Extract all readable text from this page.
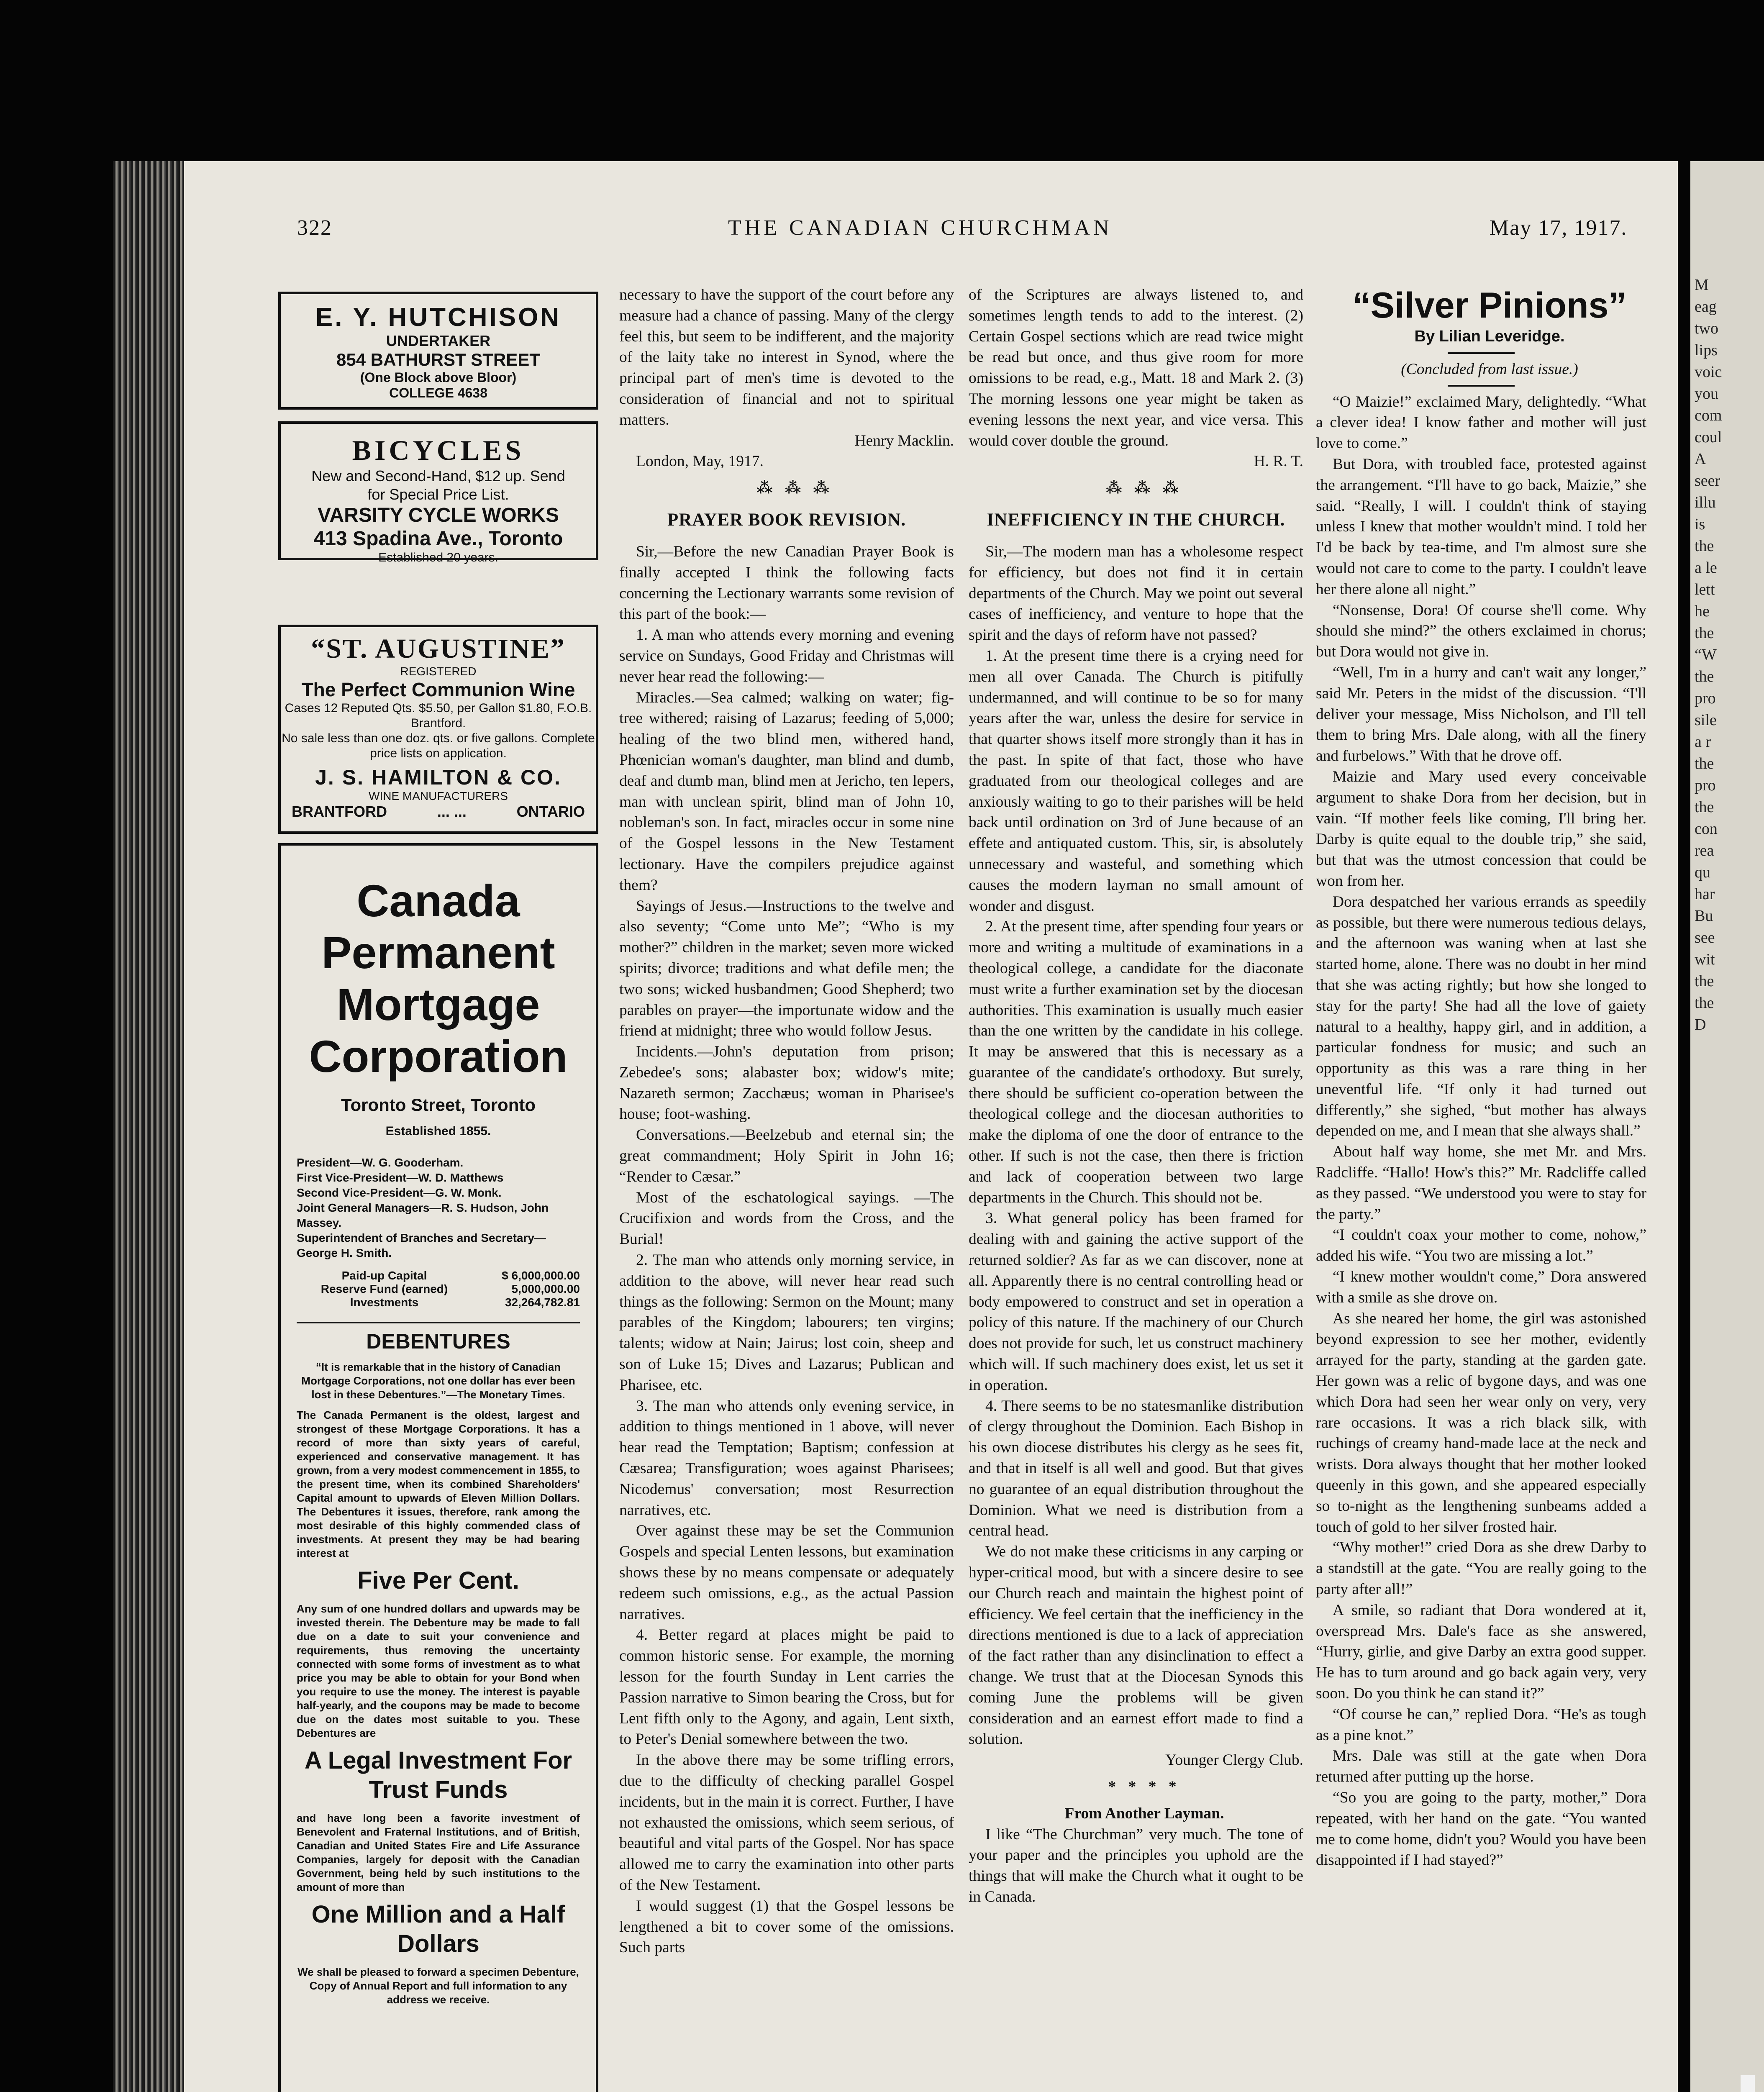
322	THE CANADIAN CHURCHMAN	May 17, 1917.

E. Y. HUTCHISON

UNDERTAKER

854 BATHURST STREET

(One Block above Bloor)

COLLEGE 4638

BICYCLES

New and Second-Hand, $12 up. Send

for Special Price List.

VARSITY CYCLE WORKS

413 Spadina Ave., Toronto

Established 20 years.

“ST. AUGUSTINE”

REGISTERED

The Perfect Communion Wine

Cases 12 Reputed Qts. $5.50, per Gallon $1.80, F.O.B. Brantford.

No sale less than one doz. qts. or five gallons. Complete price lists on application.

J. S. HAMILTON & CO.

WINE MANUFACTURERS

BRANTFORD	... ...	ONTARIO

Canada Permanent Mortgage Corporation

Toronto Street, Toronto

Established 1855.

President—W. G. Gooderham.

First Vice-President—W. D. Matthews

Second Vice-President—G. W. Monk.

Joint General Managers—R. S. Hudson, John Massey.

Superintendent of Branches and Secretary—George H. Smith.

Paid-up Capital	$ 6,000,000.00
Reserve Fund (earned)	5,000,000.00
Investments	32,264,782.81

DEBENTURES

“It is remarkable that in the history of Canadian Mortgage Corporations, not one dollar has ever been lost in these Debentures.”—The Monetary Times.

The Canada Permanent is the oldest, largest and strongest of these Mortgage Corporations. It has a record of more than sixty years of careful, experienced and conservative management. It has grown, from a very modest commencement in 1855, to the present time, when its combined Shareholders' Capital amount to upwards of Eleven Million Dollars. The Debentures it issues, therefore, rank among the most desirable of this highly commended class of investments. At present they may be had bearing interest at

Five Per Cent.

Any sum of one hundred dollars and upwards may be invested therein. The Debenture may be made to fall due on a date to suit your convenience and requirements, thus removing the uncertainty connected with some forms of investment as to what price you may be able to obtain for your Bond when you require to use the money. The interest is payable half-yearly, and the coupons may be made to become due on the dates most suitable to you. These Debentures are

A Legal Investment For Trust Funds

and have long been a favorite investment of Benevolent and Fraternal Institutions, and of British, Canadian and United States Fire and Life Assurance Companies, largely for deposit with the Canadian Government, being held by such institutions to the amount of more than

One Million and a Half Dollars

We shall be pleased to forward a specimen Debenture, Copy of Annual Report and full information to any address we receive.

necessary to have the support of the court before any measure had a chance of passing. Many of the clergy feel this, but seem to be indifferent, and the majority of the laity take no interest in Synod, where the principal part of men's time is devoted to the consideration of financial and not to spiritual matters.

Henry Macklin.

London, May, 1917.

⁂ ⁂ ⁂

PRAYER BOOK REVISION.

Sir,—Before the new Canadian Prayer Book is finally accepted I think the following facts concerning the Lectionary warrants some revision of this part of the book:—

1. A man who attends every morning and evening service on Sundays, Good Friday and Christmas will never hear read the following:—

Miracles.—Sea calmed; walking on water; fig-tree withered; raising of Lazarus; feeding of 5,000; healing of the two blind men, withered hand, Phœnician woman's daughter, man blind and dumb, deaf and dumb man, blind men at Jericho, ten lepers, man with unclean spirit, blind man of John 10, nobleman's son. In fact, miracles occur in some nine of the Gospel lessons in the New Testament lectionary. Have the compilers prejudice against them?

Sayings of Jesus.—Instructions to the twelve and also seventy; “Come unto Me”; “Who is my mother?” children in the market; seven more wicked spirits; divorce; traditions and what defile men; the two sons; wicked husbandmen; Good Shepherd; two parables on prayer—the importunate widow and the friend at midnight; three who would follow Jesus.

Incidents.—John's deputation from prison; Zebedee's sons; alabaster box; widow's mite; Nazareth sermon; Zacchæus; woman in Pharisee's house; foot-washing.

Conversations.—Beelzebub and eternal sin; the great commandment; Holy Spirit in John 16; “Render to Cæsar.”

Most of the eschatological sayings. —The Crucifixion and words from the Cross, and the Burial!

2. The man who attends only morning service, in addition to the above, will never hear read such things as the following: Sermon on the Mount; many parables of the Kingdom; labourers; ten virgins; talents; widow at Nain; Jairus; lost coin, sheep and son of Luke 15; Dives and Lazarus; Publican and Pharisee, etc.

3. The man who attends only evening service, in addition to things mentioned in 1 above, will never hear read the Temptation; Baptism; confession at Cæsarea; Transfiguration; woes against Pharisees; Nicodemus' conversation; most Resurrection narratives, etc.

Over against these may be set the Communion Gospels and special Lenten lessons, but examination shows these by no means compensate or adequately redeem such omissions, e.g., as the actual Passion narratives.

4. Better regard at places might be paid to common historic sense. For example, the morning lesson for the fourth Sunday in Lent carries the Passion narrative to Simon bearing the Cross, but for Lent fifth only to the Agony, and again, Lent sixth, to Peter's Denial somewhere between the two.

In the above there may be some trifling errors, due to the difficulty of checking parallel Gospel incidents, but in the main it is correct. Further, I have not exhausted the omissions, which seem serious, of beautiful and vital parts of the Gospel. Nor has space allowed me to carry the examination into other parts of the New Testament.

I would suggest (1) that the Gospel lessons be lengthened a bit to cover some of the omissions. Such parts

of the Scriptures are always listened to, and sometimes length tends to add to the interest. (2) Certain Gospel sections which are read twice might be read but once, and thus give room for more omissions to be read, e.g., Matt. 18 and Mark 2. (3) The morning lessons one year might be taken as evening lessons the next year, and vice versa. This would cover double the ground.

H. R. T.

⁂ ⁂ ⁂

INEFFICIENCY IN THE CHURCH.

Sir,—The modern man has a wholesome respect for efficiency, but does not find it in certain departments of the Church. May we point out several cases of inefficiency, and venture to hope that the spirit and the days of reform have not passed?

1. At the present time there is a crying need for men all over Canada. The Church is pitifully undermanned, and will continue to be so for many years after the war, unless the desire for service in that quarter shows itself more strongly than it has in the past. In spite of that fact, those who have graduated from our theological colleges and are anxiously waiting to go to their parishes will be held back until ordination on 3rd of June because of an effete and antiquated custom. This, sir, is absolutely unnecessary and wasteful, and something which causes the modern layman no small amount of wonder and disgust.

2. At the present time, after spending four years or more and writing a multitude of examinations in a theological college, a candidate for the diaconate must write a further examination set by the diocesan authorities. This examination is usually much easier than the one written by the candidate in his college. It may be answered that this is necessary as a guarantee of the candidate's orthodoxy. But surely, there should be sufficient co-operation between the theological college and the diocesan authorities to make the diploma of one the door of entrance to the other. If such is not the case, then there is friction and lack of cooperation between two large departments in the Church. This should not be.

3. What general policy has been framed for dealing with and gaining the active support of the returned soldier? As far as we can discover, none at all. Apparently there is no central controlling head or body empowered to construct and set in operation a policy of this nature. If the machinery of our Church does not provide for such, let us construct machinery which will. If such machinery does exist, let us set it in operation.

4. There seems to be no statesmanlike distribution of clergy throughout the Dominion. Each Bishop in his own diocese distributes his clergy as he sees fit, and that in itself is all well and good. But that gives no guarantee of an equal distribution throughout the Dominion. What we need is distribution from a central head.

We do not make these criticisms in any carping or hyper-critical mood, but with a sincere desire to see our Church reach and maintain the highest point of efficiency. We feel certain that the inefficiency in the directions mentioned is due to a lack of appreciation of the fact rather than any disinclination to effect a change. We trust that at the Diocesan Synods this coming June the problems will be given consideration and an earnest effort made to find a solution.

Younger Clergy Club.

* * * *

From Another Layman.

I like “The Churchman” very much. The tone of your paper and the principles you uphold are the things that will make the Church what it ought to be in Canada.

“Silver Pinions”

By Lilian Leveridge.

(Concluded from last issue.)

“O Maizie!” exclaimed Mary, delightedly. “What a clever idea! I know father and mother will just love to come.”

But Dora, with troubled face, protested against the arrangement. “I'll have to go back, Maizie,” she said. “Really, I will. I couldn't think of staying unless I knew that mother wouldn't mind. I told her I'd be back by tea-time, and I'm almost sure she would not care to come to the party. I couldn't leave her there alone all night.”

“Nonsense, Dora! Of course she'll come. Why should she mind?” the others exclaimed in chorus; but Dora would not give in.

“Well, I'm in a hurry and can't wait any longer,” said Mr. Peters in the midst of the discussion. “I'll deliver your message, Miss Nicholson, and I'll tell them to bring Mrs. Dale along, with all the finery and furbelows.” With that he drove off.

Maizie and Mary used every conceivable argument to shake Dora from her decision, but in vain. “If mother feels like coming, I'll bring her. Darby is quite equal to the double trip,” she said, but that was the utmost concession that could be won from her.

Dora despatched her various errands as speedily as possible, but there were numerous tedious delays, and the afternoon was waning when at last she started home, alone. There was no doubt in her mind that she was acting rightly; but how she longed to stay for the party! She had all the love of gaiety natural to a healthy, happy girl, and in addition, a particular fondness for music; and such an opportunity as this was a rare thing in her uneventful life. “If only it had turned out differently,” she sighed, “but mother has always depended on me, and I mean that she always shall.”

About half way home, she met Mr. and Mrs. Radcliffe. “Hallo! How's this?” Mr. Radcliffe called as they passed. “We understood you were to stay for the party.”

“I couldn't coax your mother to come, nohow,” added his wife. “You two are missing a lot.”

“I knew mother wouldn't come,” Dora answered with a smile as she drove on.

As she neared her home, the girl was astonished beyond expression to see her mother, evidently arrayed for the party, standing at the garden gate. Her gown was a relic of bygone days, and was one which Dora had seen her wear only on very, very rare occasions. It was a rich black silk, with ruchings of creamy hand-made lace at the neck and wrists. Dora always thought that her mother looked queenly in this gown, and she appeared especially so to-night as the lengthening sunbeams added a touch of gold to her silver frosted hair.

“Why mother!” cried Dora as she drew Darby to a standstill at the gate. “You are really going to the party after all!”

A smile, so radiant that Dora wondered at it, overspread Mrs. Dale's face as she answered, “Hurry, girlie, and give Darby an extra good supper. He has to turn around and go back again very, very soon. Do you think he can stand it?”

“Of course he can,” replied Dora. “He's as tough as a pine knot.”

Mrs. Dale was still at the gate when Dora returned after putting up the horse.

“So you are going to the party, mother,” Dora repeated, with her hand on the gate. “You wanted me to come home, didn't you? Would you have been disappointed if I had stayed?”

M
eag
two
lips
voic
you
com
coul
A
seer
illu
is
the
a le
lett
he
the
“W
the
pro
sile
a r
the
pro
the
con
rea
qu
har
Bu
see
wit
the
the
D
